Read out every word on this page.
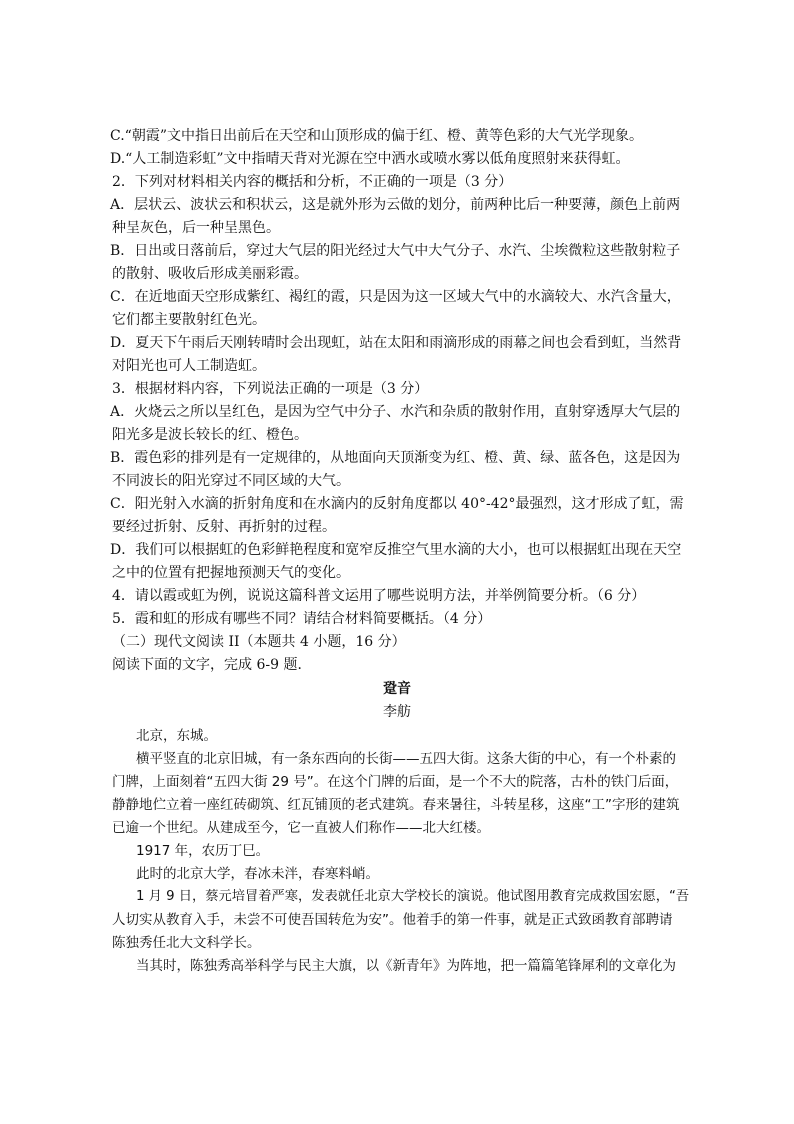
C.“朝霞”文中指日出前后在天空和山顶形成的偏于红、橙、黄等色彩的大气光学现象。
D.“人工制造彩虹”文中指晴天背对光源在空中洒水或喷水雾以低角度照射来获得虹。
2．下列对材料相关内容的概括和分析，不正确的一项是（3 分）
A．层状云、波状云和积状云，这是就外形为云做的划分，前两种比后一种要薄，颜色上前两
种呈灰色，后一种呈黑色。
B．日出或日落前后，穿过大气层的阳光经过大气中大气分子、水汽、尘埃微粒这些散射粒子
的散射、吸收后形成美丽彩霞。
C．在近地面天空形成紫红、褐红的霞，只是因为这一区域大气中的水滴较大、水汽含量大，
它们都主要散射红色光。
D．夏天下午雨后天刚转晴时会出现虹，站在太阳和雨滴形成的雨幕之间也会看到虹，当然背
对阳光也可人工制造虹。
3．根据材料内容，下列说法正确的一项是（3 分）
A．火烧云之所以呈红色，是因为空气中分子、水汽和杂质的散射作用，直射穿透厚大气层的
阳光多是波长较长的红、橙色。
B．霞色彩的排列是有一定规律的，从地面向天顶渐变为红、橙、黄、绿、蓝各色，这是因为
不同波长的阳光穿过不同区域的大气。
C．阳光射入水滴的折射角度和在水滴内的反射角度都以 40°-42°最强烈，这才形成了虹，需
要经过折射、反射、再折射的过程。
D．我们可以根据虹的色彩鲜艳程度和宽窄反推空气里水滴的大小，也可以根据虹出现在天空
之中的位置有把握地预测天气的变化。
4．请以霞或虹为例，说说这篇科普文运用了哪些说明方法，并举例简要分析。（6 分）
5．霞和虹的形成有哪些不同？请结合材料简要概括。（4 分）
（二）现代文阅读 II（本题共 4 小题，16 分）
阅读下面的文字，完成 6-9 题．
跫音
李舫
北京，东城。
横平竖直的北京旧城，有一条东西向的长街——五四大街。这条大街的中心，有一个朴素的
门牌，上面刻着“五四大街 29 号”。在这个门牌的后面，是一个不大的院落，古朴的铁门后面，
静静地伫立着一座红砖砌筑、红瓦铺顶的老式建筑。春来暑往，斗转星移，这座“工”字形的建筑
已逾一个世纪。从建成至今，它一直被人们称作——北大红楼。
1917 年，农历丁巳。
此时的北京大学，春冰未泮，春寒料峭。
1 月 9 日，蔡元培冒着严寒，发表就任北京大学校长的演说。他试图用教育完成救国宏愿，“吾
人切实从教育入手，未尝不可使吾国转危为安”。他着手的第一件事，就是正式致函教育部聘请
陈独秀任北大文科学长。
当其时，陈独秀高举科学与民主大旗，以《新青年》为阵地，把一篇篇笔锋犀利的文章化为
